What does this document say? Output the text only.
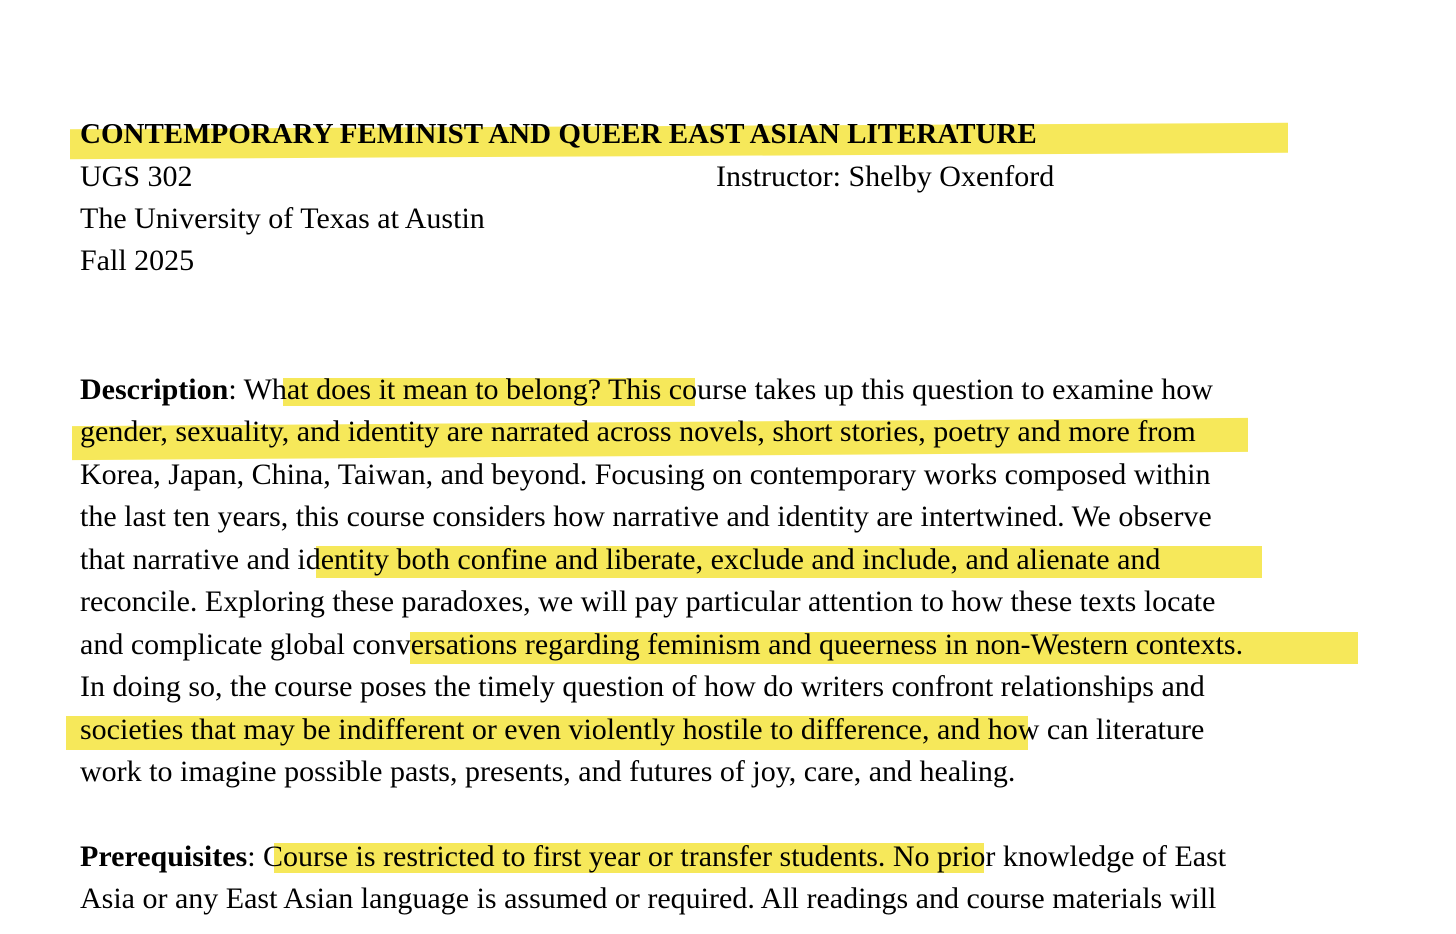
CONTEMPORARY FEMINIST AND QUEER EAST ASIAN LITERATURE
UGS 302	Instructor: Shelby Oxenford
The University of Texas at Austin
Fall 2025
Description: What does it mean to belong? This course takes up this question to examine how
gender, sexuality, and identity are narrated across novels, short stories, poetry and more from
Korea, Japan, China, Taiwan, and beyond. Focusing on contemporary works composed within
the last ten years, this course considers how narrative and identity are intertwined. We observe
that narrative and identity both confine and liberate, exclude and include, and alienate and
reconcile. Exploring these paradoxes, we will pay particular attention to how these texts locate
and complicate global conversations regarding feminism and queerness in non-Western contexts.
In doing so, the course poses the timely question of how do writers confront relationships and
societies that may be indifferent or even violently hostile to difference, and how can literature
work to imagine possible pasts, presents, and futures of joy, care, and healing.
Prerequisites: Course is restricted to first year or transfer students. No prior knowledge of East
Asia or any East Asian language is assumed or required. All readings and course materials will
